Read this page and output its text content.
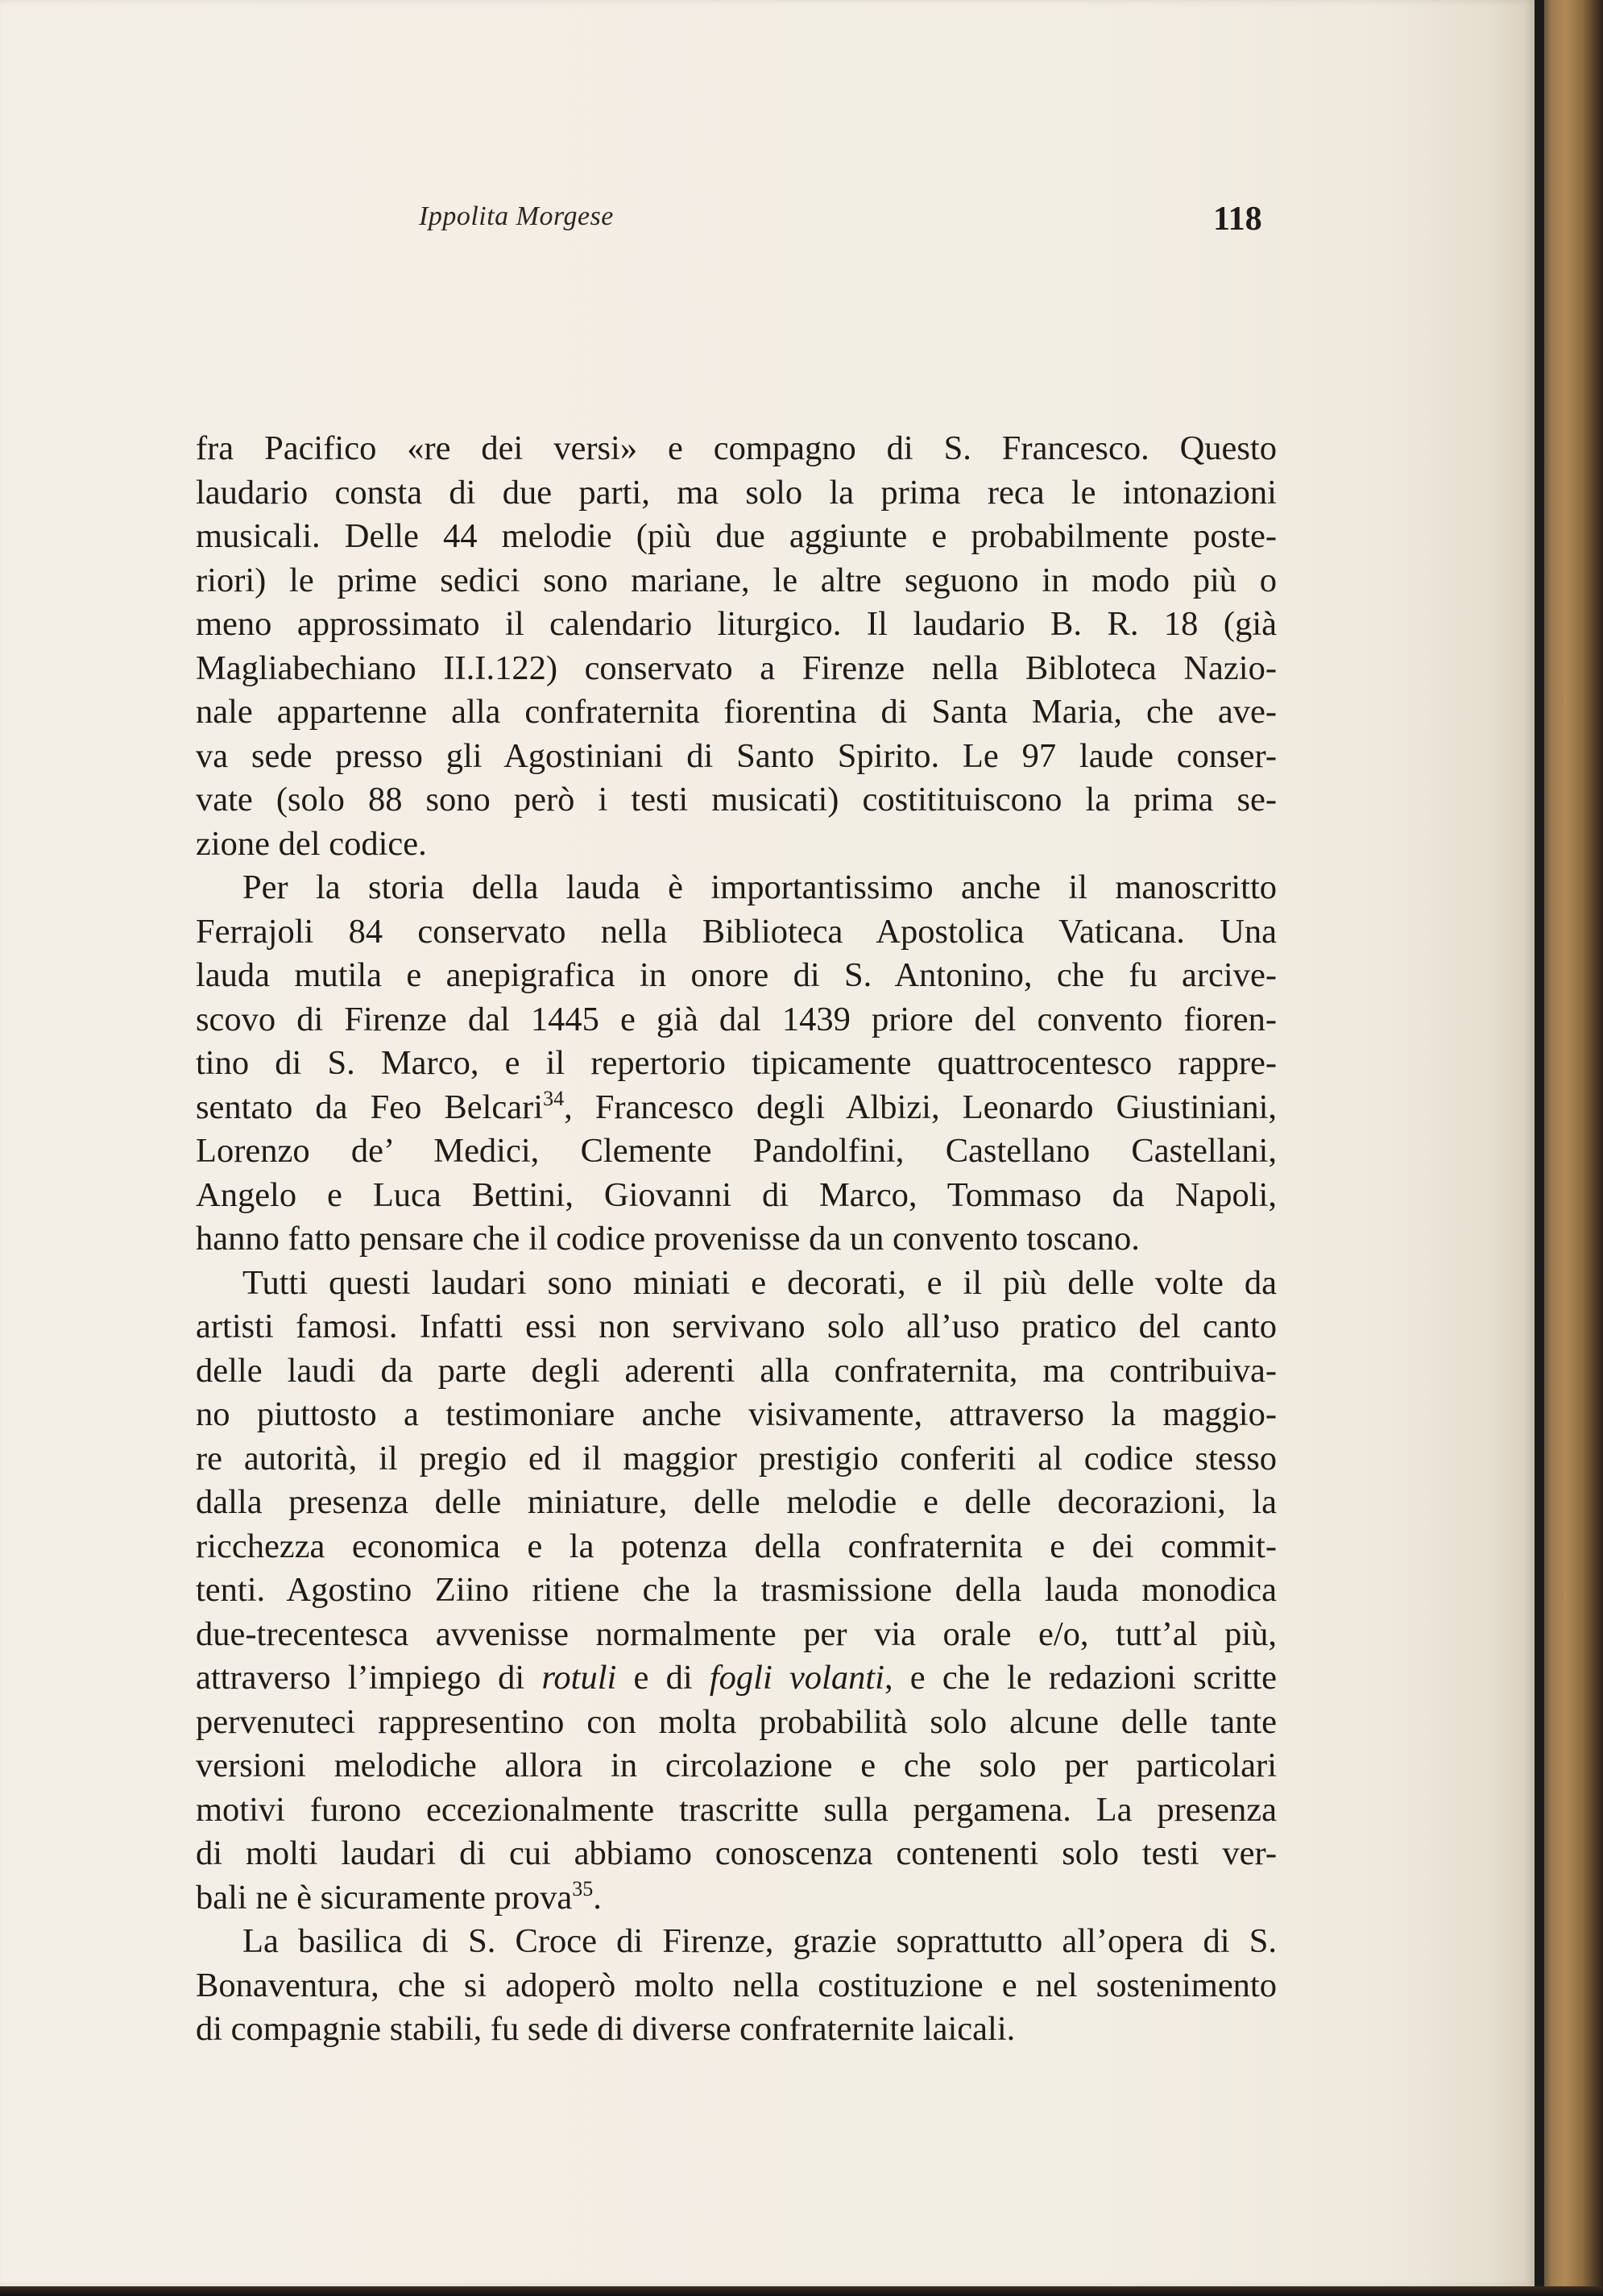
Ippolita Morgese	118
fra Pacifico «re dei versi» e compagno di S. Francesco. Questo
laudario consta di due parti, ma solo la prima reca le intonazioni
musicali. Delle 44 melodie (più due aggiunte e probabilmente poste-
riori) le prime sedici sono mariane, le altre seguono in modo più o
meno approssimato il calendario liturgico. Il laudario B. R. 18 (già
Magliabechiano II.I.122) conservato a Firenze nella Bibloteca Nazio-
nale appartenne alla confraternita fiorentina di Santa Maria, che ave-
va sede presso gli Agostiniani di Santo Spirito. Le 97 laude conser-
vate (solo 88 sono però i testi musicati) costitituiscono la prima se-
zione del codice.
Per la storia della lauda è importantissimo anche il manoscritto
Ferrajoli 84 conservato nella Biblioteca Apostolica Vaticana. Una
lauda mutila e anepigrafica in onore di S. Antonino, che fu arcive-
scovo di Firenze dal 1445 e già dal 1439 priore del convento fioren-
tino di S. Marco, e il repertorio tipicamente quattrocentesco rappre-
sentato da Feo Belcari$^{34}$, Francesco degli Albizi, Leonardo Giustiniani,
Lorenzo de’ Medici, Clemente Pandolfini, Castellano Castellani,
Angelo e Luca Bettini, Giovanni di Marco, Tommaso da Napoli,
hanno fatto pensare che il codice provenisse da un convento toscano.
Tutti questi laudari sono miniati e decorati, e il più delle volte da
artisti famosi. Infatti essi non servivano solo all’uso pratico del canto
delle laudi da parte degli aderenti alla confraternita, ma contribuiva-
no piuttosto a testimoniare anche visivamente, attraverso la maggio-
re autorità, il pregio ed il maggior prestigio conferiti al codice stesso
dalla presenza delle miniature, delle melodie e delle decorazioni, la
ricchezza economica e la potenza della confraternita e dei commit-
tenti. Agostino Ziino ritiene che la trasmissione della lauda monodica
due-trecentesca avvenisse normalmente per via orale e/o, tutt’al più,
attraverso l’impiego di rotuli e di fogli volanti, e che le redazioni scritte
pervenuteci rappresentino con molta probabilità solo alcune delle tante
versioni melodiche allora in circolazione e che solo per particolari
motivi furono eccezionalmente trascritte sulla pergamena. La presenza
di molti laudari di cui abbiamo conoscenza contenenti solo testi ver-
bali ne è sicuramente prova$^{35}$.
La basilica di S. Croce di Firenze, grazie soprattutto all’opera di S.
Bonaventura, che si adoperò molto nella costituzione e nel sostenimento
di compagnie stabili, fu sede di diverse confraternite laicali.
